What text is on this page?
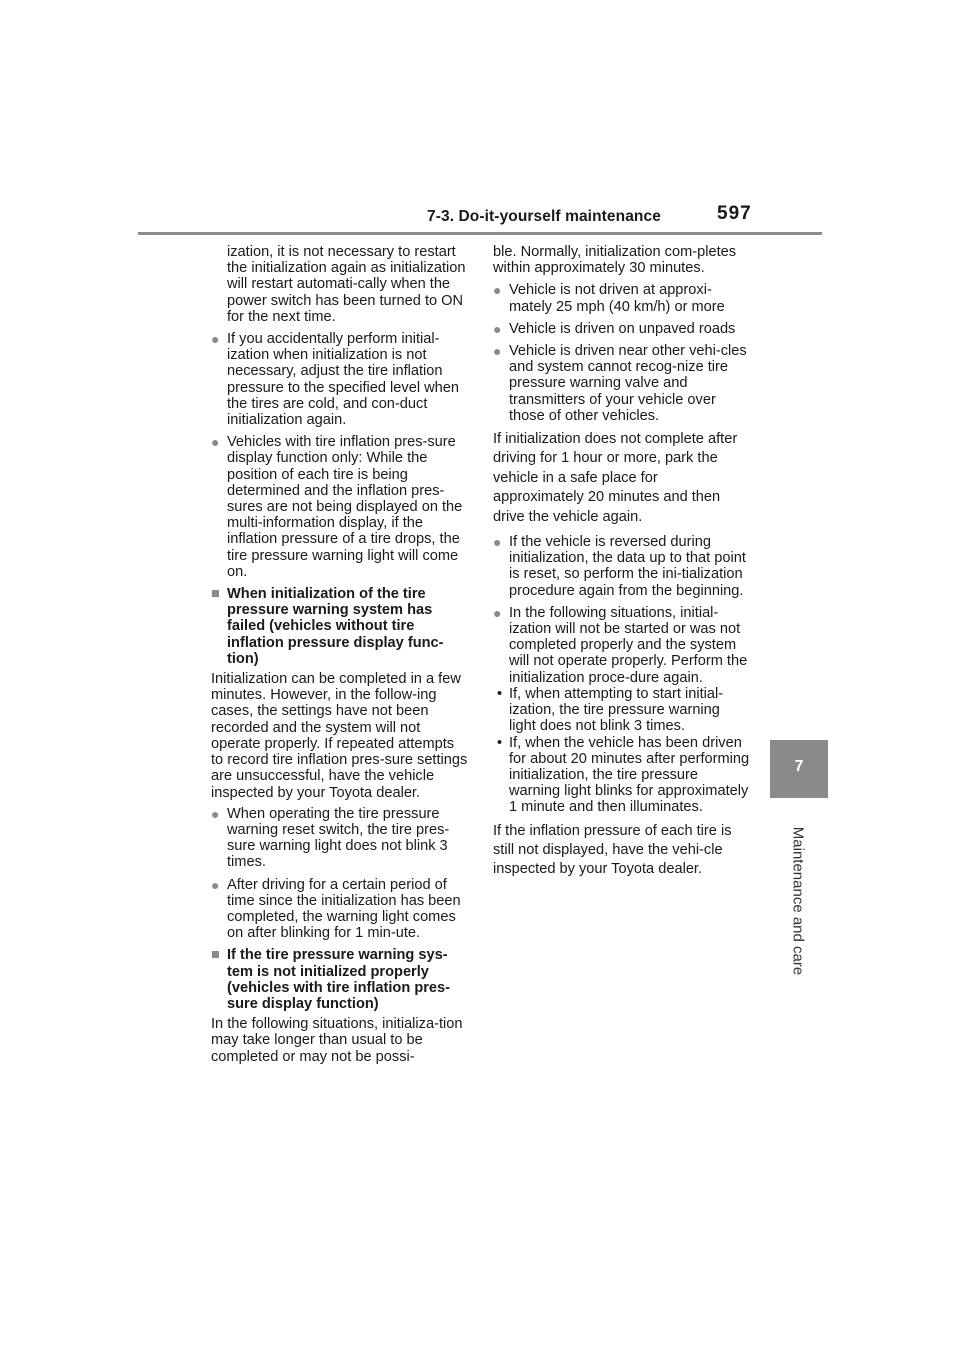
7-3. Do-it-yourself maintenance	597
7
Maintenance and care

ization, it is not necessary to restart the initialization again as initialization will restart automati-cally when the power switch has been turned to ON for the next time.

● If you accidentally perform initial-ization when initialization is not necessary, adjust the tire inflation pressure to the specified level when the tires are cold, and con-duct initialization again.
● Vehicles with tire inflation pres-sure display function only: While the position of each tire is being determined and the inflation pres-sures are not being displayed on the multi-information display, if the inflation pressure of a tire drops, the tire pressure warning light will come on.
■ When initialization of the tire pressure warning system has failed (vehicles without tire inflation pressure display func-tion)

Initialization can be completed in a few minutes. However, in the follow-ing cases, the settings have not been recorded and the system will not operate properly. If repeated attempts to record tire inflation pres-sure settings are unsuccessful, have the vehicle inspected by your Toyota dealer.

● When operating the tire pressure warning reset switch, the tire pres-sure warning light does not blink 3 times.
● After driving for a certain period of time since the initialization has been completed, the warning light comes on after blinking for 1 min-ute.
■ If the tire pressure warning sys-tem is not initialized properly (vehicles with tire inflation pres-sure display function)

In the following situations, initializa-tion may take longer than usual to be completed or may not be possi-

ble. Normally, initialization com-pletes within approximately 30 minutes.

● Vehicle is not driven at approxi-mately 25 mph (40 km/h) or more
● Vehicle is driven on unpaved roads
● Vehicle is driven near other vehi-cles and system cannot recog-nize tire pressure warning valve and transmitters of your vehicle over those of other vehicles.

If initialization does not complete after driving for 1 hour or more, park the vehicle in a safe place for approximately 20 minutes and then drive the vehicle again.

● If the vehicle is reversed during initialization, the data up to that point is reset, so perform the ini-tialization procedure again from the beginning.
● In the following situations, initial-ization will not be started or was not completed properly and the system will not operate properly. Perform the initialization proce-dure again.
• If, when attempting to start initial-ization, the tire pressure warning light does not blink 3 times.
• If, when the vehicle has been driven for about 20 minutes after performing initialization, the tire pressure warning light blinks for approximately 1 minute and then illuminates.

If the inflation pressure of each tire is still not displayed, have the vehi-cle inspected by your Toyota dealer.
